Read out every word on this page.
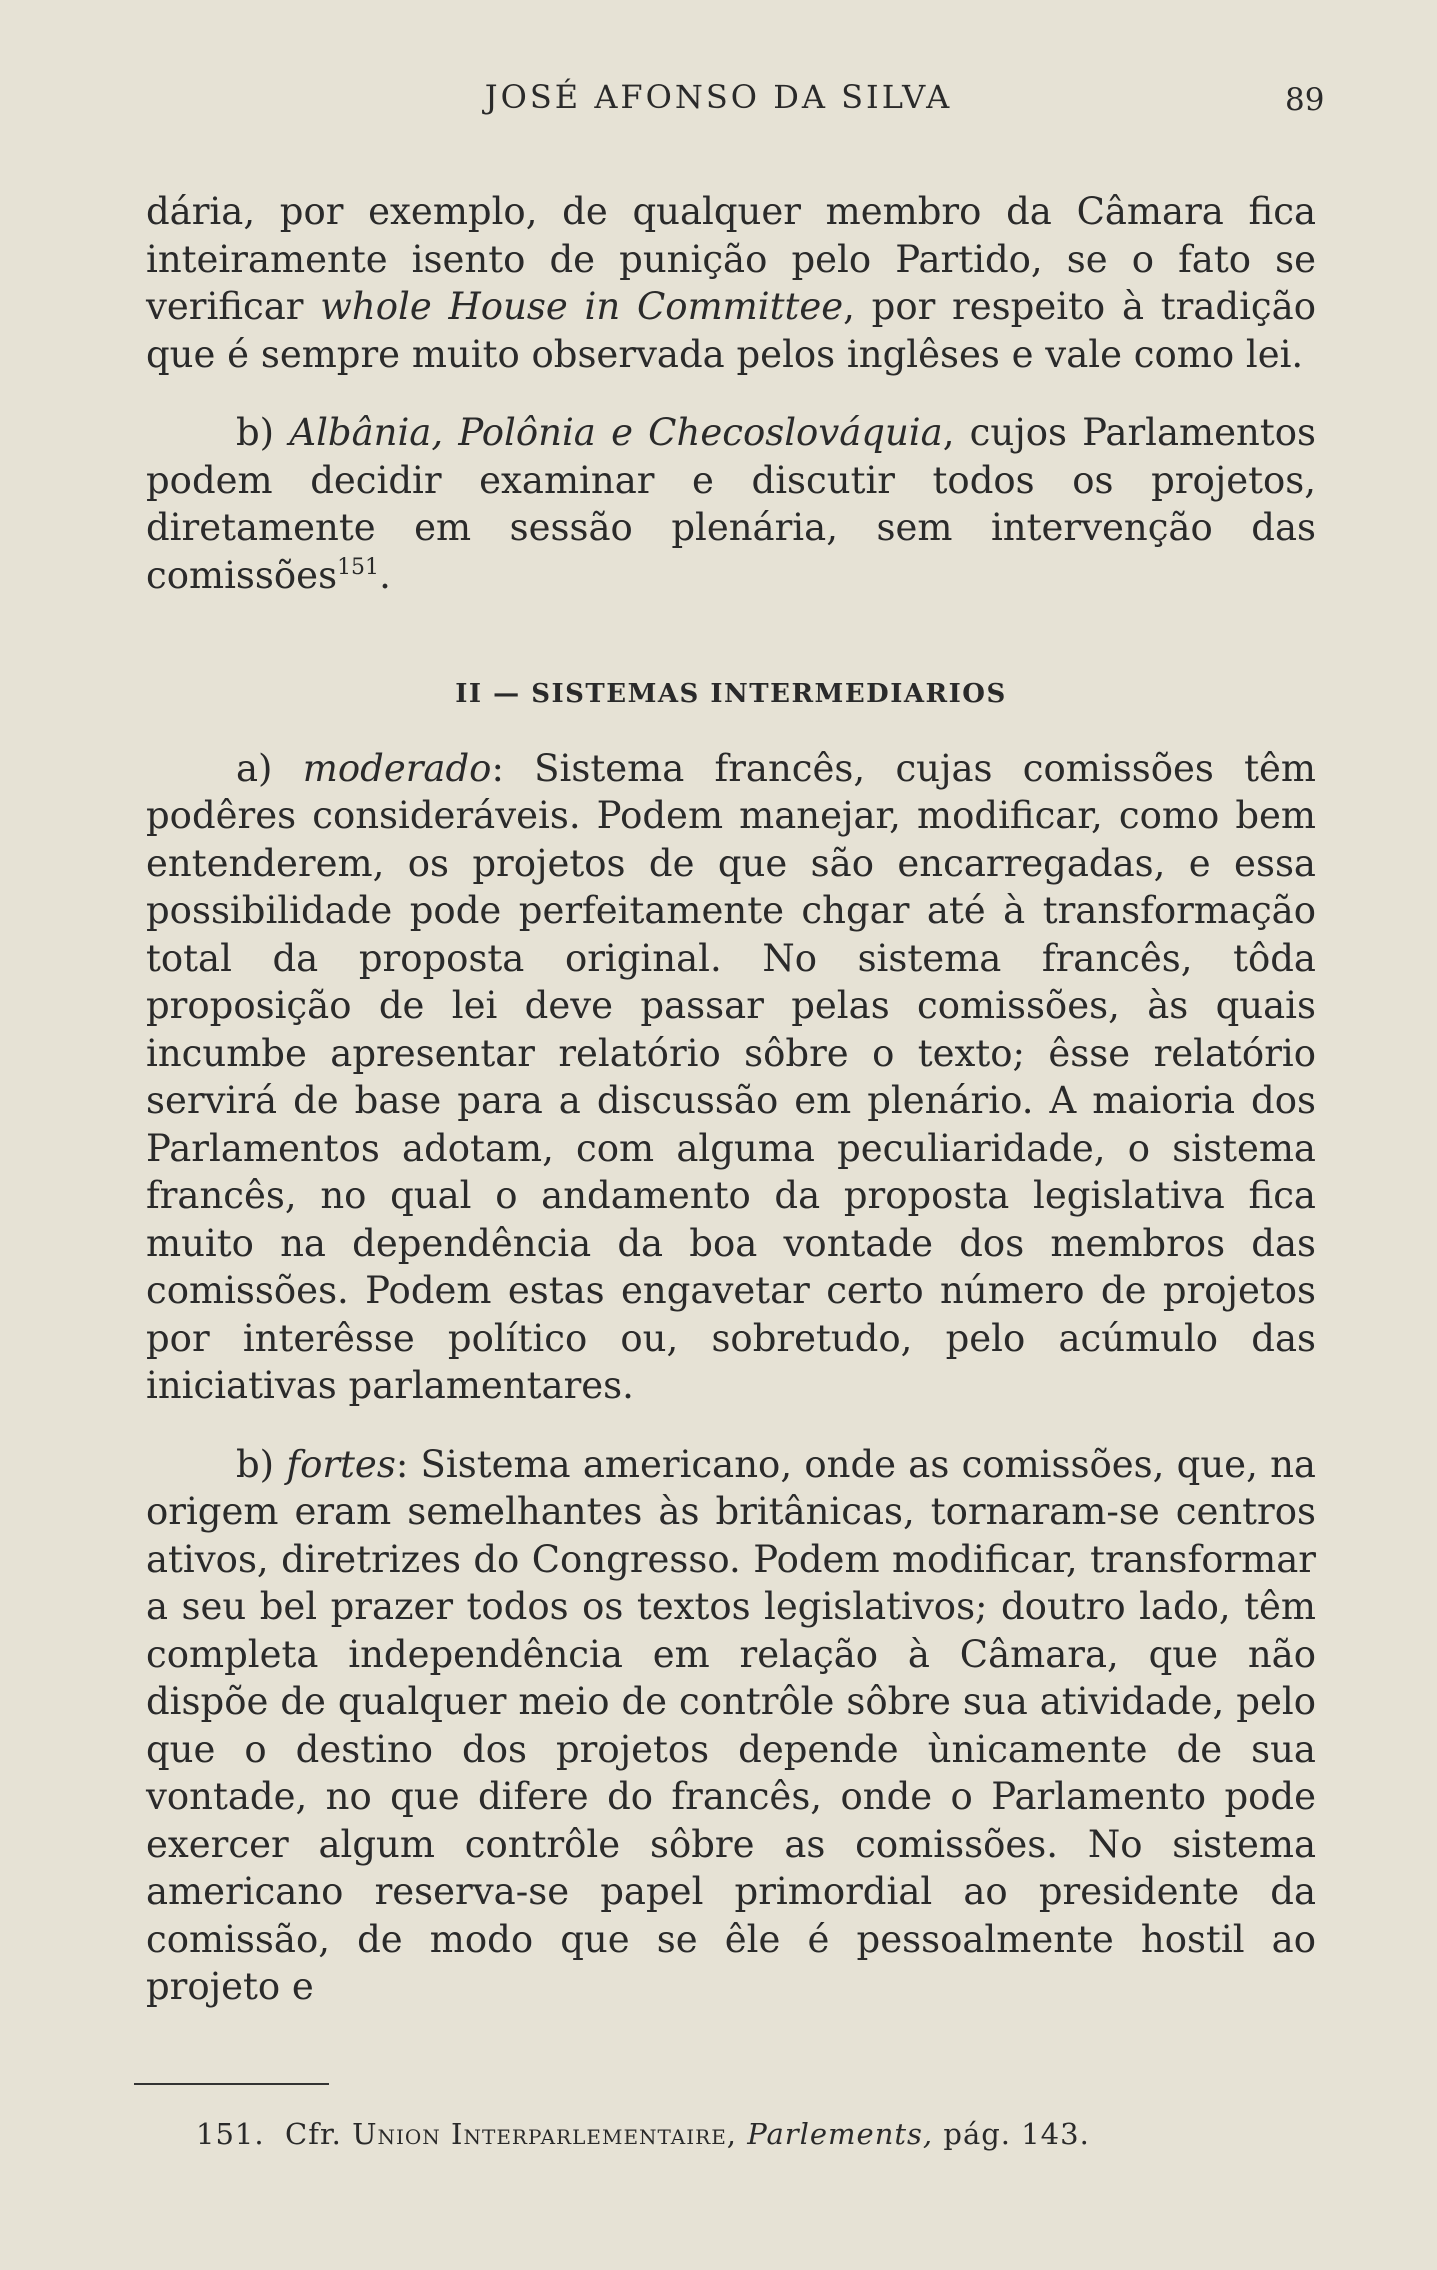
JOSÉ AFONSO DA SILVA	89

dária, por exemplo, de qualquer membro da Câmara fica inteiramente isento de punição pelo Partido, se o fato se verificar whole House in Committee, por respeito à tradição que é sempre muito observada pelos inglêses e vale como lei.

b) Albânia, Polônia e Checoslováquia, cujos Parlamentos podem decidir examinar e discutir todos os projetos, diretamente em sessão plenária, sem intervenção das comissões$^{151}$.

II — SISTEMAS INTERMEDIARIOS

a) moderado: Sistema francês, cujas comissões têm podêres consideráveis. Podem manejar, modificar, como bem entenderem, os projetos de que são encarregadas, e essa possibilidade pode perfeitamente chgar até à transformação total da proposta original. No sistema francês, tôda proposição de lei deve passar pelas comissões, às quais incumbe apresentar relatório sôbre o texto; êsse relatório servirá de base para a discussão em plenário. A maioria dos Parlamentos adotam, com alguma peculiaridade, o sistema francês, no qual o andamento da proposta legislativa fica muito na dependência da boa vontade dos membros das comissões. Podem estas engavetar certo número de projetos por interêsse político ou, sobretudo, pelo acúmulo das iniciativas parlamentares.

b) fortes: Sistema americano, onde as comissões, que, na origem eram semelhantes às britânicas, tornaram-se centros ativos, diretrizes do Congresso. Podem modificar, transformar a seu bel prazer todos os textos legislativos; doutro lado, têm completa independência em relação à Câmara, que não dispõe de qualquer meio de contrôle sôbre sua atividade, pelo que o destino dos projetos depende ùnicamente de sua vontade, no que difere do francês, onde o Parlamento pode exercer algum contrôle sôbre as comissões. No sistema americano reserva-se papel primordial ao presidente da comissão, de modo que se êle é pessoalmente hostil ao projeto e

151. Cfr. Union Interparlementaire, Parlements, pág. 143.
